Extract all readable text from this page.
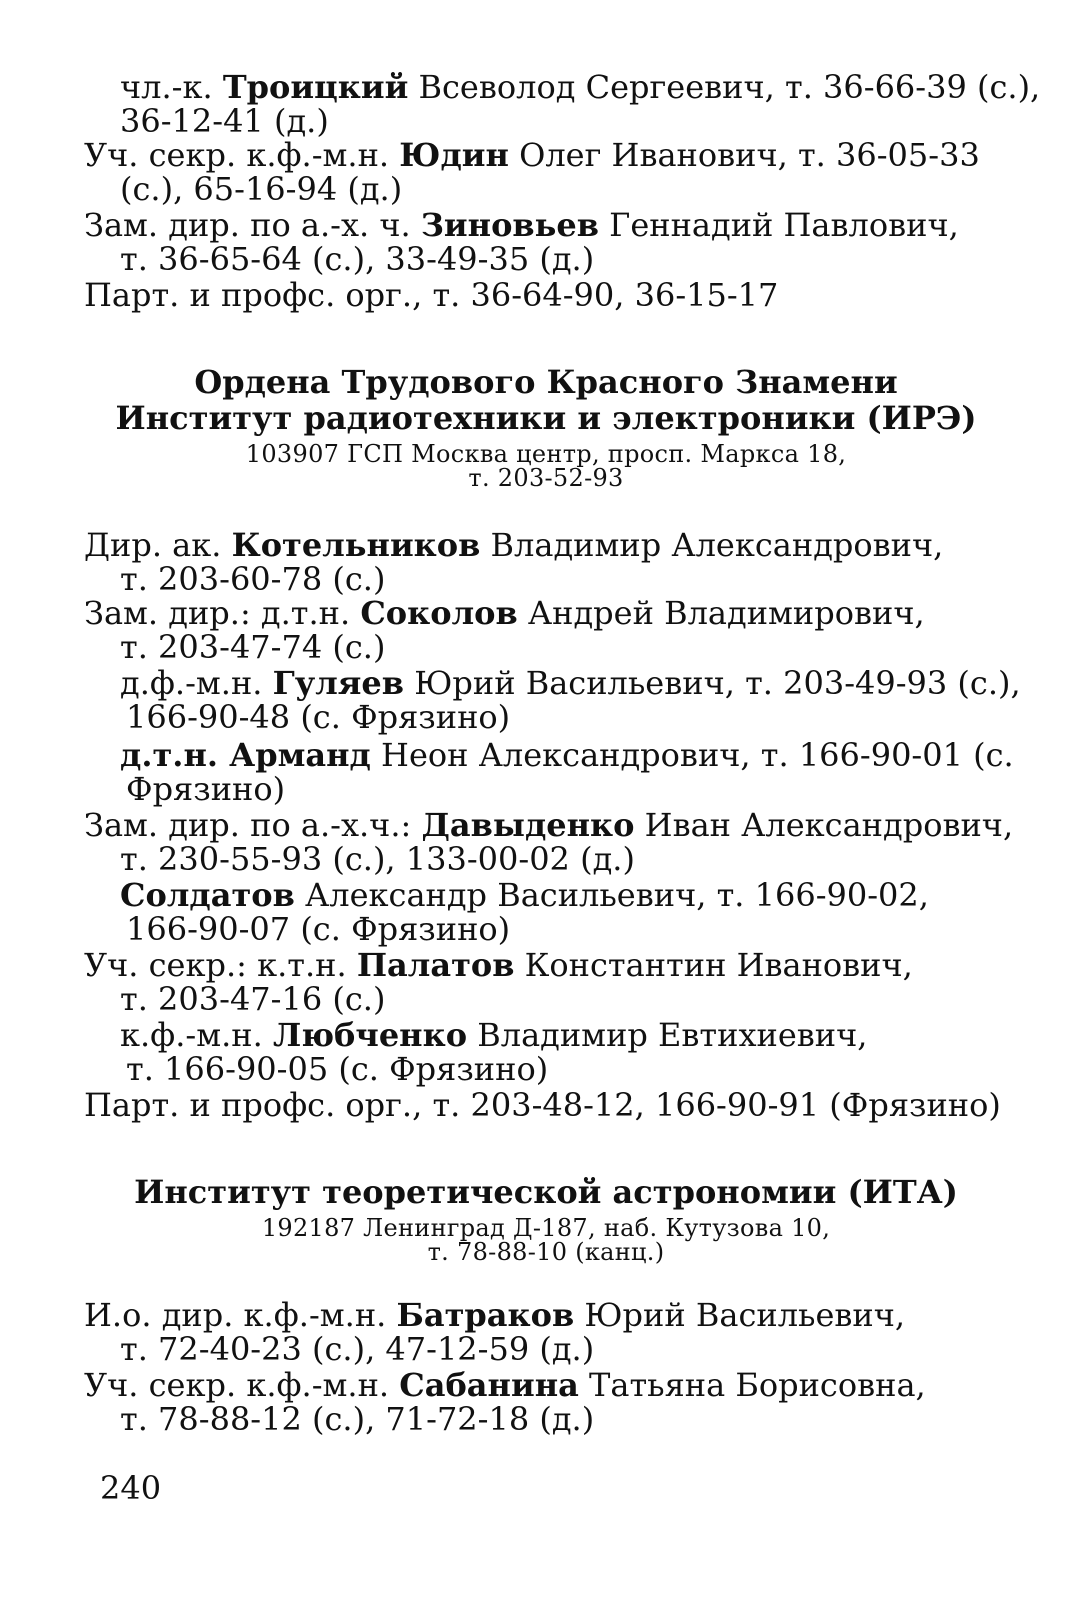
чл.-к. Троицкий Всеволод Сергеевич, т. 36-66-39 (с.),
36-12-41 (д.)
Уч. секр. к.ф.-м.н. Юдин Олег Иванович, т. 36-05-33
(с.), 65-16-94 (д.)
Зам. дир. по а.-х. ч. Зиновьев Геннадий Павлович,
т. 36-65-64 (с.), 33-49-35 (д.)
Парт. и профс. орг., т. 36-64-90, 36-15-17
Ордена Трудового Красного Знамени
Институт радиотехники и электроники (ИРЭ)
103907 ГСП Москва центр, просп. Маркса 18,
т. 203-52-93
Дир. ак. Котельников Владимир Александрович,
т. 203-60-78 (с.)
Зам. дир.: д.т.н. Соколов Андрей Владимирович,
т. 203-47-74 (с.)
д.ф.-м.н. Гуляев Юрий Васильевич, т. 203-49-93 (с.),
166-90-48 (с. Фрязино)
д.т.н. Арманд Неон Александрович, т. 166-90-01 (с.
Фрязино)
Зам. дир. по а.-х.ч.: Давыденко Иван Александрович,
т. 230-55-93 (с.), 133-00-02 (д.)
Солдатов Александр Васильевич, т. 166-90-02,
166-90-07 (с. Фрязино)
Уч. секр.: к.т.н. Палатов Константин Иванович,
т. 203-47-16 (с.)
к.ф.-м.н. Любченко Владимир Евтихиевич,
т. 166-90-05 (с. Фрязино)
Парт. и профс. орг., т. 203-48-12, 166-90-91 (Фрязино)
Институт теоретической астрономии (ИТА)
192187 Ленинград Д-187, наб. Кутузова 10,
т. 78-88-10 (канц.)
И.о. дир. к.ф.-м.н. Батраков Юрий Васильевич,
т. 72-40-23 (с.), 47-12-59 (д.)
Уч. секр. к.ф.-м.н. Сабанина Татьяна Борисовна,
т. 78-88-12 (с.), 71-72-18 (д.)
240
